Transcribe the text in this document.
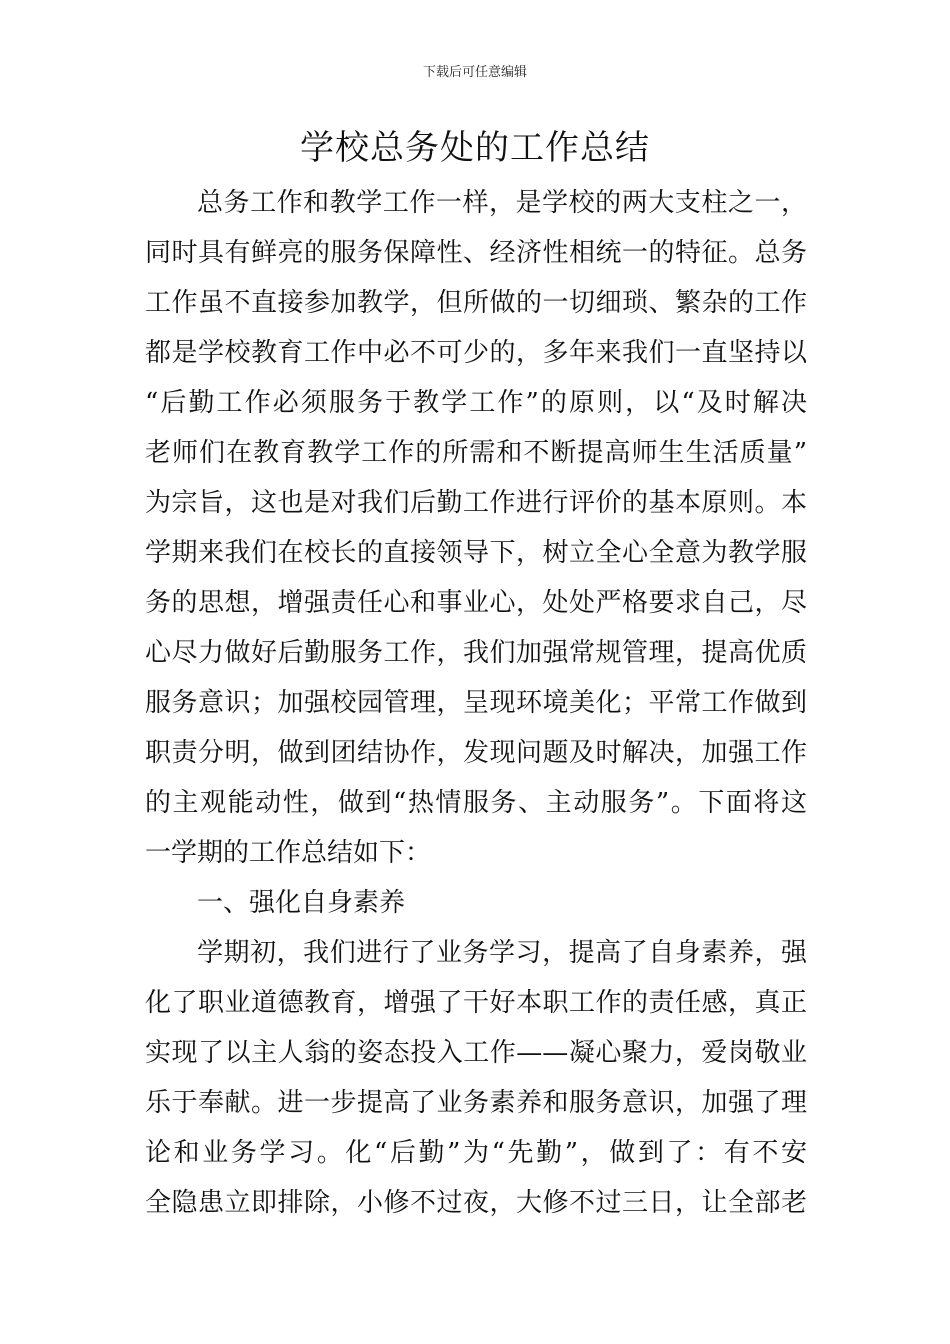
下载后可任意编辑
学校总务处的工作总结
总务工作和教学工作一样，是学校的两大支柱之一，
同时具有鲜亮的服务保障性、经济性相统一的特征。总务
工作虽不直接参加教学，但所做的一切细琐、繁杂的工作
都是学校教育工作中必不可少的，多年来我们一直坚持以
“后勤工作必须服务于教学工作”的原则，以“及时解决
老师们在教育教学工作的所需和不断提高师生生活质量”
为宗旨，这也是对我们后勤工作进行评价的基本原则。本
学期来我们在校长的直接领导下，树立全心全意为教学服
务的思想，增强责任心和事业心，处处严格要求自己，尽
心尽力做好后勤服务工作，我们加强常规管理，提高优质
服务意识；加强校园管理，呈现环境美化；平常工作做到
职责分明，做到团结协作，发现问题及时解决，加强工作
的主观能动性，做到“热情服务、主动服务”。下面将这
一学期的工作总结如下：
一、强化自身素养
学期初，我们进行了业务学习，提高了自身素养，强
化了职业道德教育，增强了干好本职工作的责任感，真正
实现了以主人翁的姿态投入工作——凝心聚力，爱岗敬业
乐于奉献。进一步提高了业务素养和服务意识，加强了理
论和业务学习。化“后勤”为“先勤”，做到了：有不安
全隐患立即排除，小修不过夜，大修不过三日，让全部老
